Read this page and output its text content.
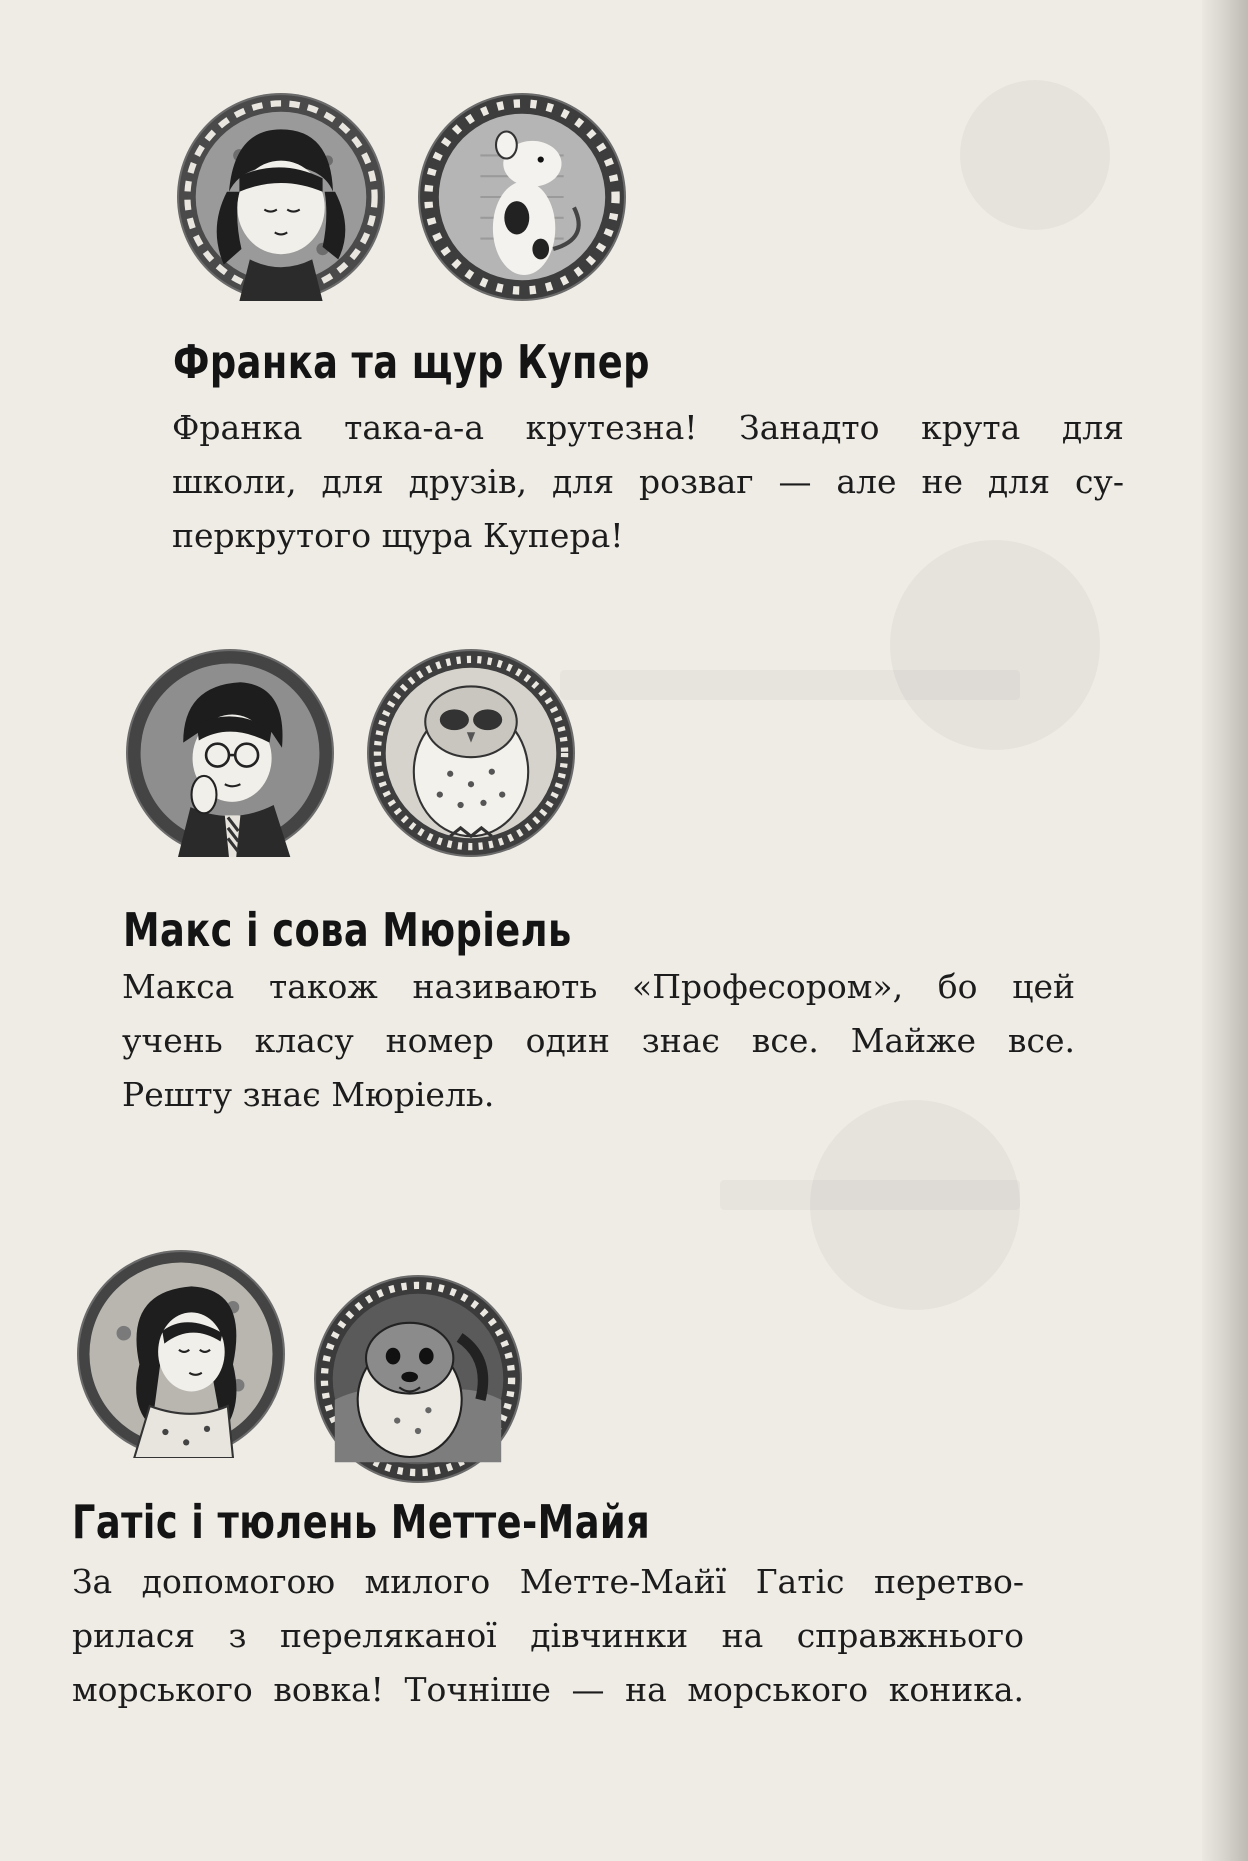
Франка та щур Купер

Франка така-а-а крутезна! Занадто крута для

школи, для друзів, для розваг — але не для су-

перкрутого щура Купера!

Макс і сова Мюріель

Макса також називають «Професором», бо цей

учень класу номер один знає все. Майже все.

Решту знає Мюріель.

Гатіс і тюлень Метте-Майя

За допомогою милого Метте-Майї Гатіс перетво-

рилася з переляканої дівчинки на справжнього

морського вовка! Точніше — на морського коника.
